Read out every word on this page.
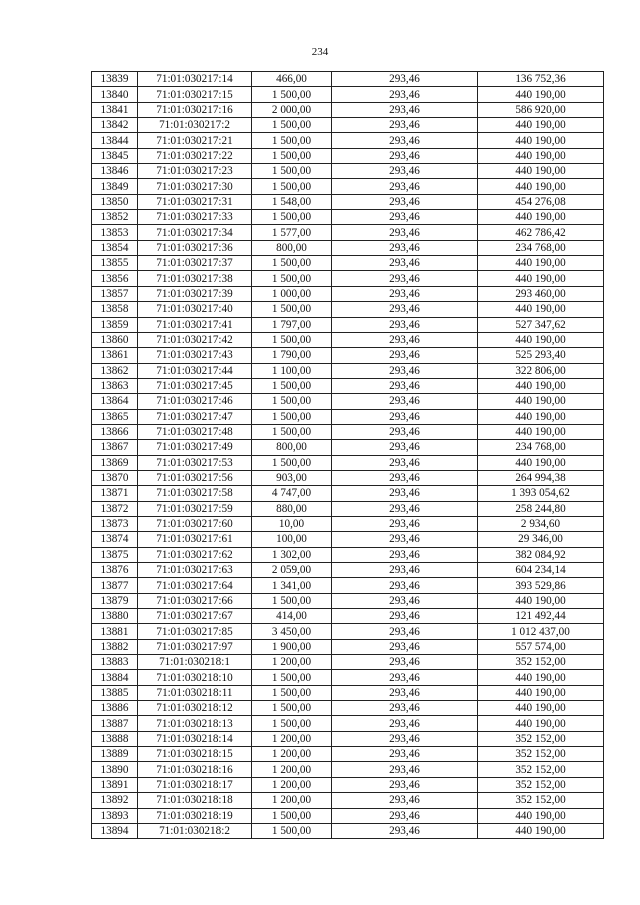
234
13839	71:01:030217:14	466,00	293,46	136 752,36
13840	71:01:030217:15	1 500,00	293,46	440 190,00
13841	71:01:030217:16	2 000,00	293,46	586 920,00
13842	71:01:030217:2	1 500,00	293,46	440 190,00
13844	71:01:030217:21	1 500,00	293,46	440 190,00
13845	71:01:030217:22	1 500,00	293,46	440 190,00
13846	71:01:030217:23	1 500,00	293,46	440 190,00
13849	71:01:030217:30	1 500,00	293,46	440 190,00
13850	71:01:030217:31	1 548,00	293,46	454 276,08
13852	71:01:030217:33	1 500,00	293,46	440 190,00
13853	71:01:030217:34	1 577,00	293,46	462 786,42
13854	71:01:030217:36	800,00	293,46	234 768,00
13855	71:01:030217:37	1 500,00	293,46	440 190,00
13856	71:01:030217:38	1 500,00	293,46	440 190,00
13857	71:01:030217:39	1 000,00	293,46	293 460,00
13858	71:01:030217:40	1 500,00	293,46	440 190,00
13859	71:01:030217:41	1 797,00	293,46	527 347,62
13860	71:01:030217:42	1 500,00	293,46	440 190,00
13861	71:01:030217:43	1 790,00	293,46	525 293,40
13862	71:01:030217:44	1 100,00	293,46	322 806,00
13863	71:01:030217:45	1 500,00	293,46	440 190,00
13864	71:01:030217:46	1 500,00	293,46	440 190,00
13865	71:01:030217:47	1 500,00	293,46	440 190,00
13866	71:01:030217:48	1 500,00	293,46	440 190,00
13867	71:01:030217:49	800,00	293,46	234 768,00
13869	71:01:030217:53	1 500,00	293,46	440 190,00
13870	71:01:030217:56	903,00	293,46	264 994,38
13871	71:01:030217:58	4 747,00	293,46	1 393 054,62
13872	71:01:030217:59	880,00	293,46	258 244,80
13873	71:01:030217:60	10,00	293,46	2 934,60
13874	71:01:030217:61	100,00	293,46	29 346,00
13875	71:01:030217:62	1 302,00	293,46	382 084,92
13876	71:01:030217:63	2 059,00	293,46	604 234,14
13877	71:01:030217:64	1 341,00	293,46	393 529,86
13879	71:01:030217:66	1 500,00	293,46	440 190,00
13880	71:01:030217:67	414,00	293,46	121 492,44
13881	71:01:030217:85	3 450,00	293,46	1 012 437,00
13882	71:01:030217:97	1 900,00	293,46	557 574,00
13883	71:01:030218:1	1 200,00	293,46	352 152,00
13884	71:01:030218:10	1 500,00	293,46	440 190,00
13885	71:01:030218:11	1 500,00	293,46	440 190,00
13886	71:01:030218:12	1 500,00	293,46	440 190,00
13887	71:01:030218:13	1 500,00	293,46	440 190,00
13888	71:01:030218:14	1 200,00	293,46	352 152,00
13889	71:01:030218:15	1 200,00	293,46	352 152,00
13890	71:01:030218:16	1 200,00	293,46	352 152,00
13891	71:01:030218:17	1 200,00	293,46	352 152,00
13892	71:01:030218:18	1 200,00	293,46	352 152,00
13893	71:01:030218:19	1 500,00	293,46	440 190,00
13894	71:01:030218:2	1 500,00	293,46	440 190,00
